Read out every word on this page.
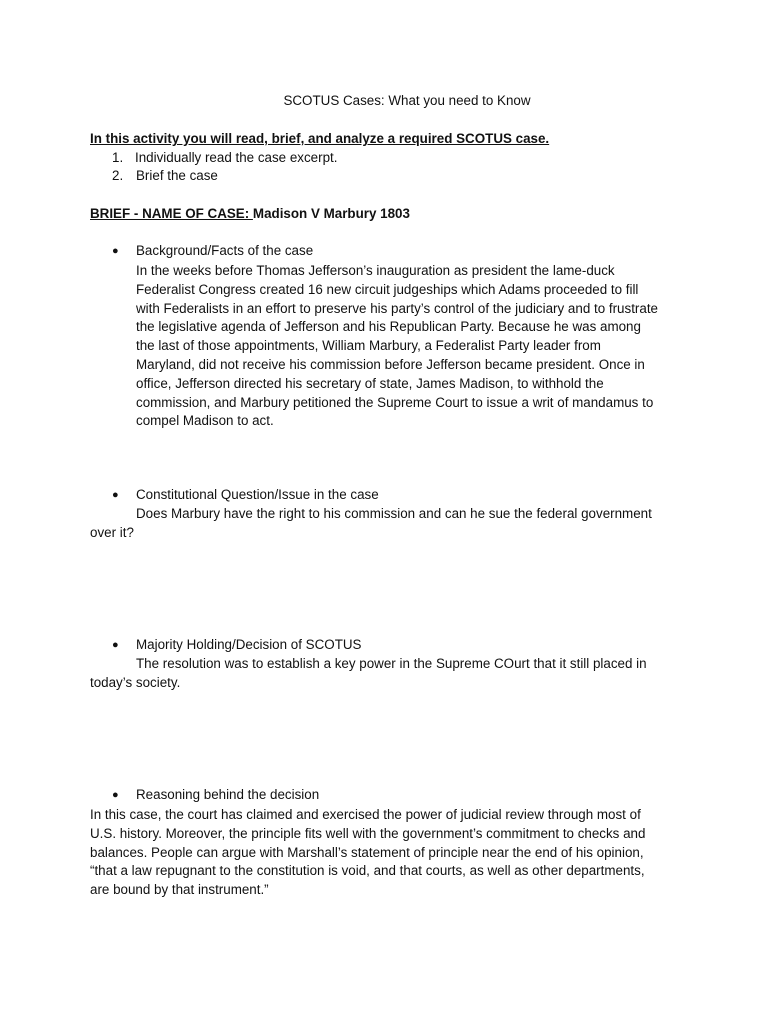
SCOTUS Cases: What you need to Know
In this activity you will read, brief, and analyze a required SCOTUS case.
1. Individually read the case excerpt.
2. Brief the case
BRIEF - NAME OF CASE: Madison V Marbury 1803
● Background/Facts of the case
In the weeks before Thomas Jefferson’s inauguration as president the lame-duck
Federalist Congress created 16 new circuit judgeships which Adams proceeded to fill
with Federalists in an effort to preserve his party’s control of the judiciary and to frustrate
the legislative agenda of Jefferson and his Republican Party. Because he was among
the last of those appointments, William Marbury, a Federalist Party leader from
Maryland, did not receive his commission before Jefferson became president. Once in
office, Jefferson directed his secretary of state, James Madison, to withhold the
commission, and Marbury petitioned the Supreme Court to issue a writ of mandamus to
compel Madison to act.
● Constitutional Question/Issue in the case
Does Marbury have the right to his commission and can he sue the federal government
over it?
● Majority Holding/Decision of SCOTUS
The resolution was to establish a key power in the Supreme COurt that it still placed in
today’s society.
● Reasoning behind the decision
In this case, the court has claimed and exercised the power of judicial review through most of
U.S. history. Moreover, the principle fits well with the government’s commitment to checks and
balances. People can argue with Marshall’s statement of principle near the end of his opinion,
“that a law repugnant to the constitution is void, and that courts, as well as other departments,
are bound by that instrument.”
